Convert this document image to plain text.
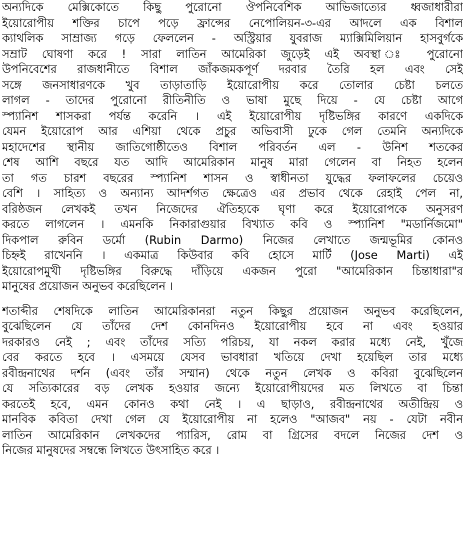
অন্যদিকে মেক্সিকোতে কিছু পুরোনো ঔপনিবেশিক আভিজাত্যের ধ্বজাধারীরা
ইয়োরোপীয় শক্তির চাপে পড়ে ফ্রান্সের নেপোলিয়ন-৩-এর আদলে এক বিশাল
ক্যাথলিক সাম্রাজ্য গড়ে ফেললেন - অস্ট্রিয়ার যুবরাজ ম্যাক্সিমিলিয়ান হাসবুর্গকে
সম্রাট ঘোষণা করে ! সারা লাতিন আমেরিকা জুড়েই এই অবস্থা ঃ পুরোনো
উপনিবেশের রাজধানীতে বিশাল জাঁকজমকপূর্ণ দরবার তৈরি হল এবং সেই
সঙ্গে জনসাধারণকে খুব তাড়াতাড়ি ইয়োরোপীয় করে তোলার চেষ্টা চলতে
লাগল - তাদের পুরোনো রীতিনীতি ও ভাষা মুছে দিয়ে - যে চেষ্টা আগে
স্প্যানিশ শাসকরা পর্যন্ত করেনি । এই ইয়োরোপীয় দৃষ্টিভঙ্গির কারণে একদিকে
যেমন ইয়োরোপ আর এশিয়া থেকে প্রচুর অভিবাসী ঢুকে গেল তেমনি অন্যদিকে
মহাদেশের স্থানীয় জাতিগোষ্ঠীতেও বিশাল পরিবর্তন এল - উনিশ শতকের
শেষ আশি বছরে যত আদি আমেরিকান মানুষ মারা গেলেন বা নিহত হলেন
তা গত চারশ বছরের স্প্যানিশ শাসন ও স্বাধীনতা যুদ্ধের ফলাফলের চেয়েও
বেশি । সাহিত্য ও অন্যান্য আদর্শগত ক্ষেত্রেও এর প্রভাব থেকে রেহাই পেল না,
বরিষ্ঠজন লেখকই তখন নিজেদের ঐতিহ্যকে ঘৃণা করে ইয়োরোপকে অনুসরণ
করতে লাগলেন । এমনকি নিকারাগুয়ার বিখ্যাত কবি ও স্প্যানিশ "মডার্নিজমো"
দিকপাল রুবিন ডর্মো (Rubin Darmo) নিজের লেখাতে জন্মভূমির কোনও
চিহ্নই রাখেননি । একমাত্র কিউবার কবি হোসে মার্টি (Jose Marti) এই
ইয়োরোপমুখী দৃষ্টিভঙ্গির বিরুদ্ধে দাঁড়িয়ে একজন পুরো "আমেরিকান চিন্তাধারা"র
মানুষের প্রয়োজন অনুভব করেছিলেন ।
শতাব্দীর শেষদিকে লাতিন আমেরিকানরা নতুন কিছুর প্রয়োজন অনুভব করেছিলেন,
বুঝেছিলেন যে তাঁদের দেশ কোনদিনও ইয়োরোপীয় হবে না এবং হওয়ার
দরকারও নেই ; এবং তাঁদের সত্যি পরিচয়, যা নকল করার মধ্যে নেই, খুঁজে
বের করতে হবে । এসময়ে যেসব ভাবধারা খতিয়ে দেখা হয়েছিল তার মধ্যে
রবীন্দ্রনাথের দর্শন (এবং তাঁর সম্মান) থেকে নতুন লেখক ও কবিরা বুঝেছিলেন
যে সত্যিকারের বড় লেখক হওয়ার জন্যে ইয়োরোপীয়দের মত লিখতে বা চিন্তা
করতেই হবে, এমন কোনও কথা নেই । এ ছাড়াও, রবীন্দ্রনাথের অতীন্দ্রিয় ও
মানবিক কবিতা দেখা গেল যে ইয়োরোপীয় না হলেও "আজব" নয় - যেটা নবীন
লাতিন আমেরিকান লেখকদের প্যারিস, রোম বা গ্রিসের বদলে নিজের দেশ ও
নিজের মানুষদের সম্বন্ধে লিখতে উৎসাহিত করে ।
